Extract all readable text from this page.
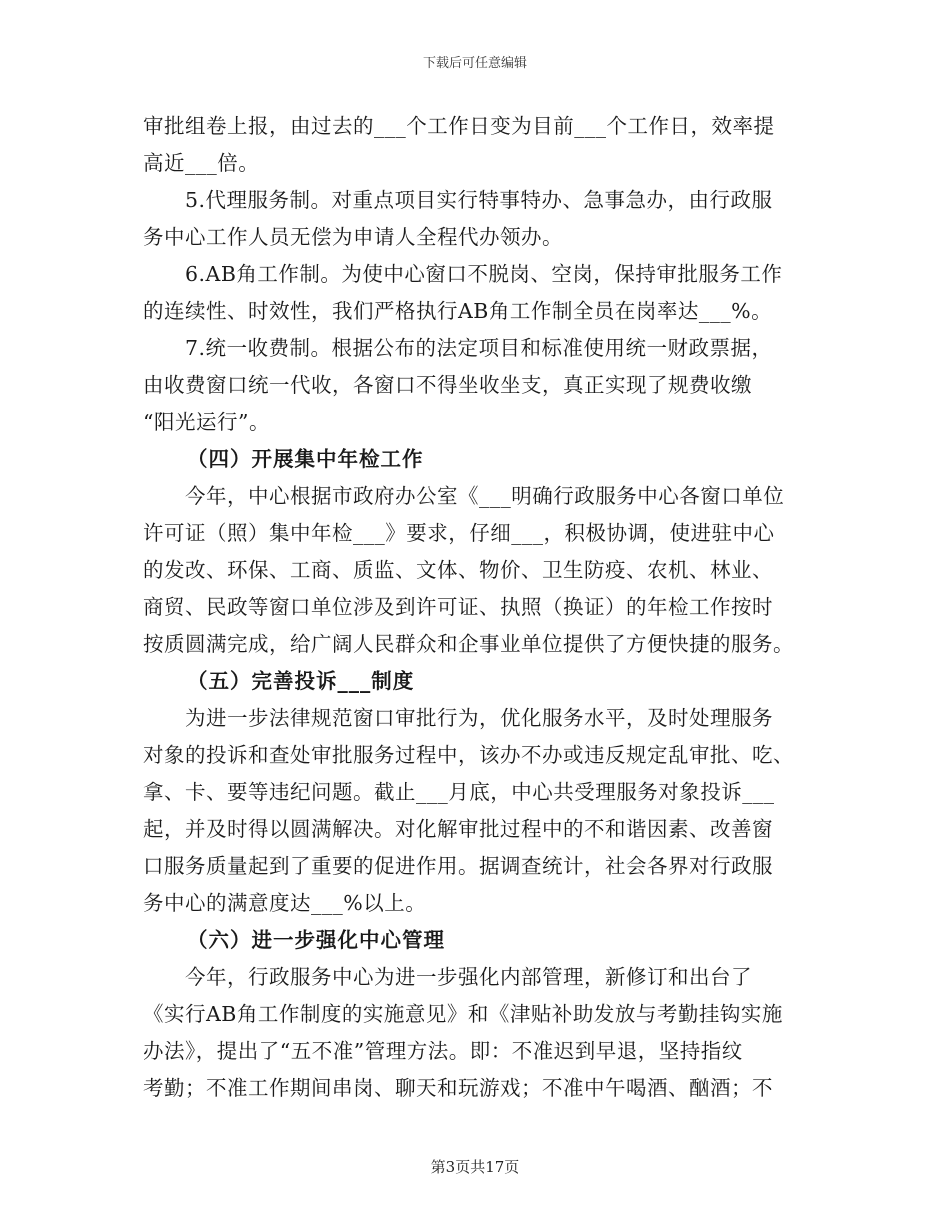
下载后可任意编辑
审批组卷上报，由过去的___个工作日变为目前___个工作日，效率提
高近___倍。
5.代理服务制。对重点项目实行特事特办、急事急办，由行政服
务中心工作人员无偿为申请人全程代办领办。
6.AB角工作制。为使中心窗口不脱岗、空岗，保持审批服务工作
的连续性、时效性，我们严格执行AB角工作制全员在岗率达___%。
7.统一收费制。根据公布的法定项目和标准使用统一财政票据，
由收费窗口统一代收，各窗口不得坐收坐支，真正实现了规费收缴
“阳光运行”。
（四）开展集中年检工作
今年，中心根据市政府办公室《___明确行政服务中心各窗口单位
许可证（照）集中年检___》要求，仔细___，积极协调，使进驻中心
的发改、环保、工商、质监、文体、物价、卫生防疫、农机、林业、
商贸、民政等窗口单位涉及到许可证、执照（换证）的年检工作按时
按质圆满完成，给广阔人民群众和企事业单位提供了方便快捷的服务。
（五）完善投诉___制度
为进一步法律规范窗口审批行为，优化服务水平，及时处理服务
对象的投诉和查处审批服务过程中，该办不办或违反规定乱审批、吃、
拿、卡、要等违纪问题。截止___月底，中心共受理服务对象投诉___
起，并及时得以圆满解决。对化解审批过程中的不和谐因素、改善窗
口服务质量起到了重要的促进作用。据调查统计，社会各界对行政服
务中心的满意度达___%以上。
（六）进一步强化中心管理
今年，行政服务中心为进一步强化内部管理，新修订和出台了
《实行AB角工作制度的实施意见》和《津贴补助发放与考勤挂钩实施
办法》，提出了“五不准”管理方法。即：不准迟到早退，坚持指纹
考勤；不准工作期间串岗、聊天和玩游戏；不准中午喝酒、酗酒；不
第3页共17页
